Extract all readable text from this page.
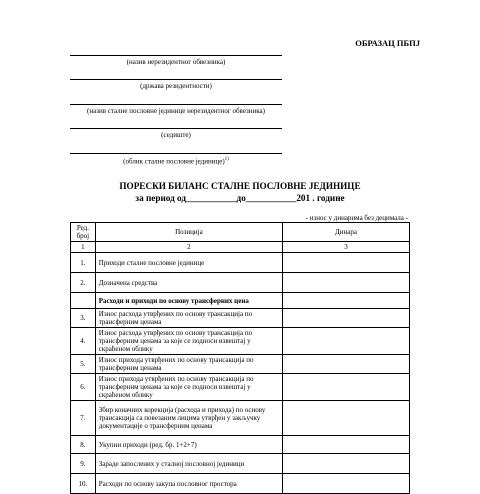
ОБРАЗАЦ ПБПЈ
(назив нерезидентног обвезника)
(држава резидентности)
(назив сталне пословне јединице нерезидентног обвезника)
(седиште)
(облик сталне пословне јединице)$^{1)}$
ПОРЕСКИ БИЛАНС СТАЛНЕ ПОСЛОВНЕ ЈЕДИНИЦЕ
за период од___________до___________201 . године
- износ у динарима без децимала -
Ред. број	Позиција	Динара
1	2	3
1.	Приходи сталне пословне јединице	
2.	Дозначена средства	
	Расходи и приходи по основу трансферних цена	
3.	Износ расхода утврђених по основу трансакција по трансферним ценама	
4.	Износ расхода утврђених по основу трансакција по трансферним ценама за које се подноси извештај у скраћеном облику	
5.	Износ прихода утврђених по основу трансакција по трансферним ценама	
6.	Износ прихода утврђених по основу трансакција по трансферним ценама за које се подноси извештај у скраћеном облику	
7.	Збир коначних корекција (расхода и прихода) по основу трансакција са повезаним лицима утврђен у закључку документације о трансферним ценама	
8.	Укупни приходи (ред. бр. 1+2+7)	
9.	Зараде запослених у сталној пословној јединици	
10.	Расходи по основу закупа пословног простора	
